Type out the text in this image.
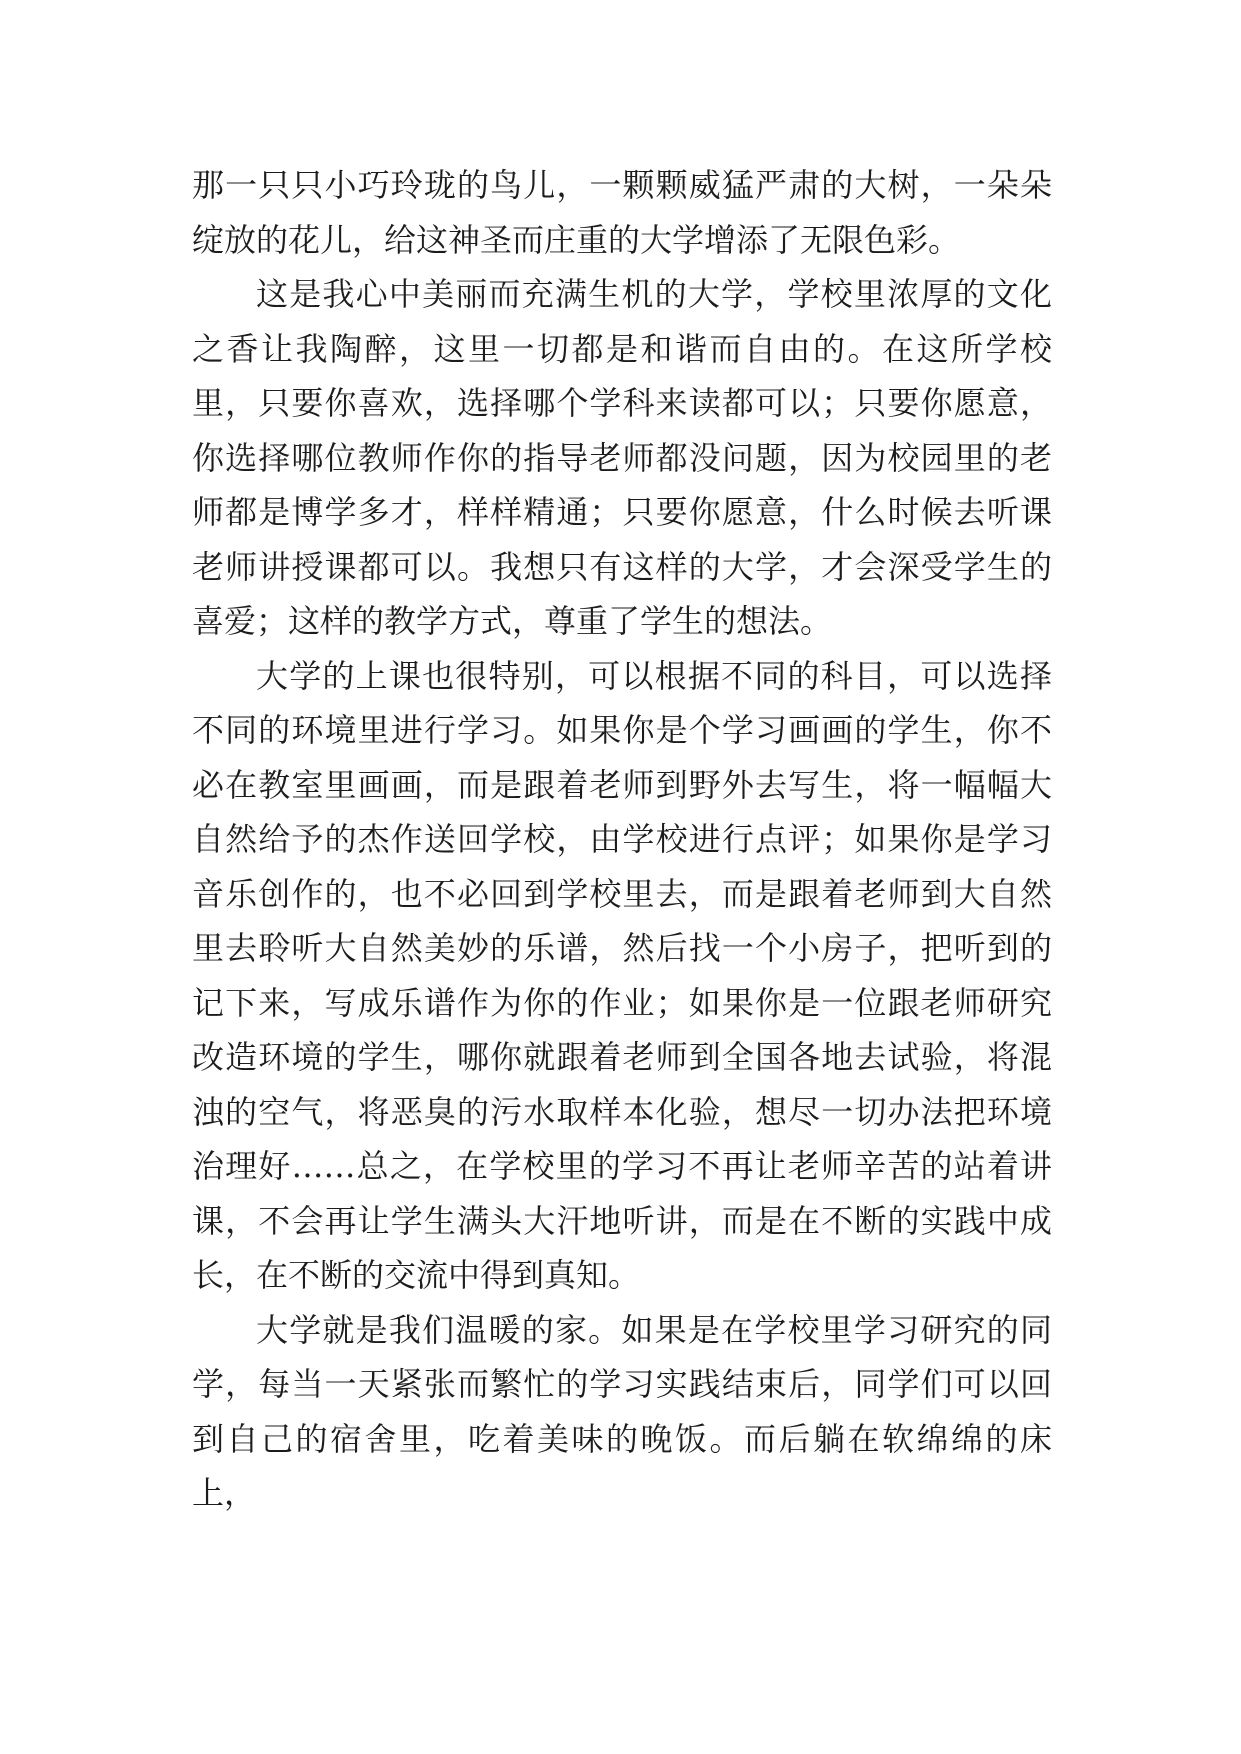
那一只只小巧玲珑的鸟儿，一颗颗威猛严肃的大树，一朵朵绽放的花儿，给这神圣而庄重的大学增添了无限色彩。

这是我心中美丽而充满生机的大学，学校里浓厚的文化之香让我陶醉，这里一切都是和谐而自由的。在这所学校里，只要你喜欢，选择哪个学科来读都可以；只要你愿意，你选择哪位教师作你的指导老师都没问题，因为校园里的老师都是博学多才，样样精通；只要你愿意，什么时候去听课老师讲授课都可以。我想只有这样的大学，才会深受学生的喜爱；这样的教学方式，尊重了学生的想法。

大学的上课也很特别，可以根据不同的科目，可以选择不同的环境里进行学习。如果你是个学习画画的学生，你不必在教室里画画，而是跟着老师到野外去写生，将一幅幅大自然给予的杰作送回学校，由学校进行点评；如果你是学习音乐创作的，也不必回到学校里去，而是跟着老师到大自然里去聆听大自然美妙的乐谱，然后找一个小房子，把听到的记下来，写成乐谱作为你的作业；如果你是一位跟老师研究改造环境的学生，哪你就跟着老师到全国各地去试验，将混浊的空气，将恶臭的污水取样本化验，想尽一切办法把环境治理好……总之，在学校里的学习不再让老师辛苦的站着讲课，不会再让学生满头大汗地听讲，而是在不断的实践中成长，在不断的交流中得到真知。

大学就是我们温暖的家。如果是在学校里学习研究的同学，每当一天紧张而繁忙的学习实践结束后，同学们可以回到自己的宿舍里，吃着美味的晚饭。而后躺在软绵绵的床上，
